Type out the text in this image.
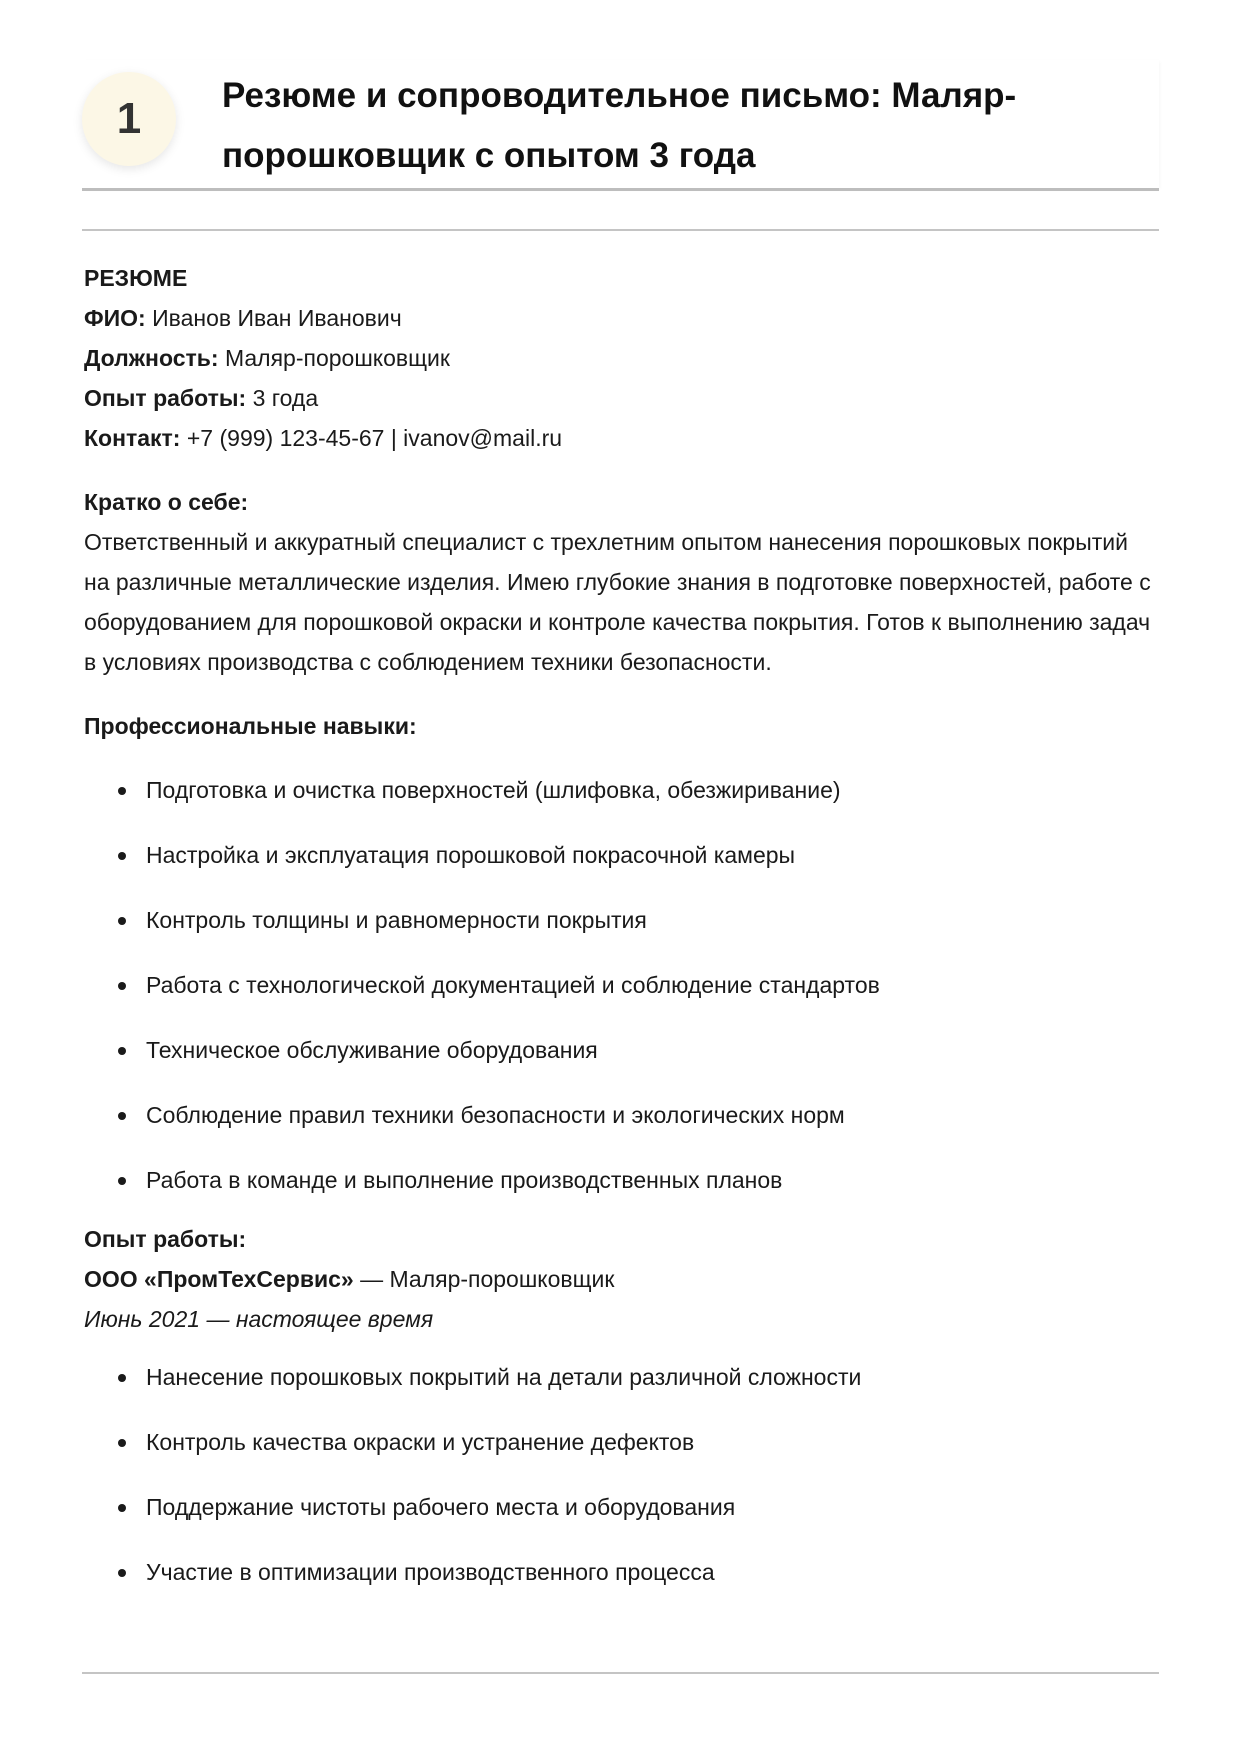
1	Резюме и сопроводительное письмо: Маляр-порошковщик с опытом 3 года

РЕЗЮМЕ

ФИО: Иванов Иван Иванович

Должность: Маляр-порошковщик

Опыт работы: 3 года

Контакт: +7 (999) 123-45-67 | ivanov@mail.ru

Кратко о себе:

Ответственный и аккуратный специалист с трехлетним опытом нанесения порошковых покрытий на различные металлические изделия. Имею глубокие знания в подготовке поверхностей, работе с оборудованием для порошковой окраски и контроле качества покрытия. Готов к выполнению задач в условиях производства с соблюдением техники безопасности.

Профессиональные навыки:

Подготовка и очистка поверхностей (шлифовка, обезжиривание)
Настройка и эксплуатация порошковой покрасочной камеры
Контроль толщины и равномерности покрытия
Работа с технологической документацией и соблюдение стандартов
Техническое обслуживание оборудования
Соблюдение правил техники безопасности и экологических норм
Работа в команде и выполнение производственных планов

Опыт работы:

ООО «ПромТехСервис» — Маляр-порошковщик

Июнь 2021 — настоящее время

Нанесение порошковых покрытий на детали различной сложности
Контроль качества окраски и устранение дефектов
Поддержание чистоты рабочего места и оборудования
Участие в оптимизации производственного процесса
